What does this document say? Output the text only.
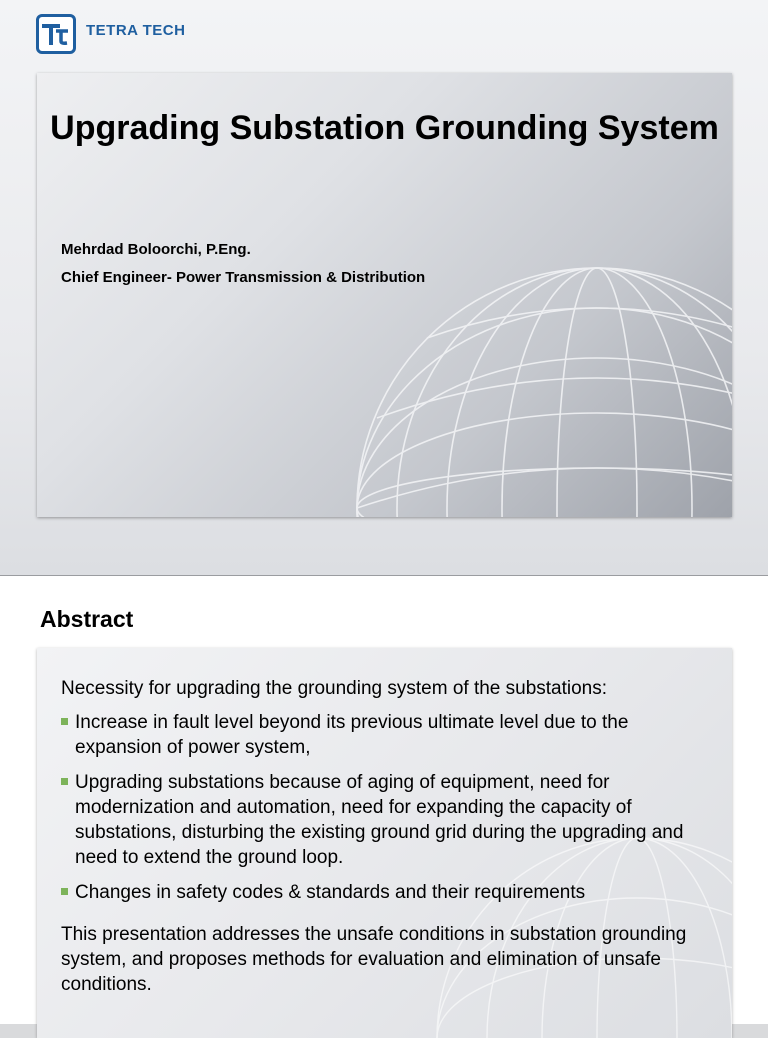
TETRA TECH
Upgrading Substation Grounding System

Mehrdad Boloorchi, P.Eng.

Chief Engineer- Power Transmission & Distribution

Abstract

Necessity for upgrading the grounding system of the substations:

Increase in fault level beyond its previous ultimate level due to the expansion of power system,
Upgrading substations because of aging of equipment, need for modernization and automation, need for expanding the capacity of substations, disturbing the existing ground grid during the upgrading and need to extend the ground loop.
Changes in safety codes & standards and their requirements

This presentation addresses the unsafe conditions in substation grounding system, and proposes methods for evaluation and elimination of unsafe conditions.
